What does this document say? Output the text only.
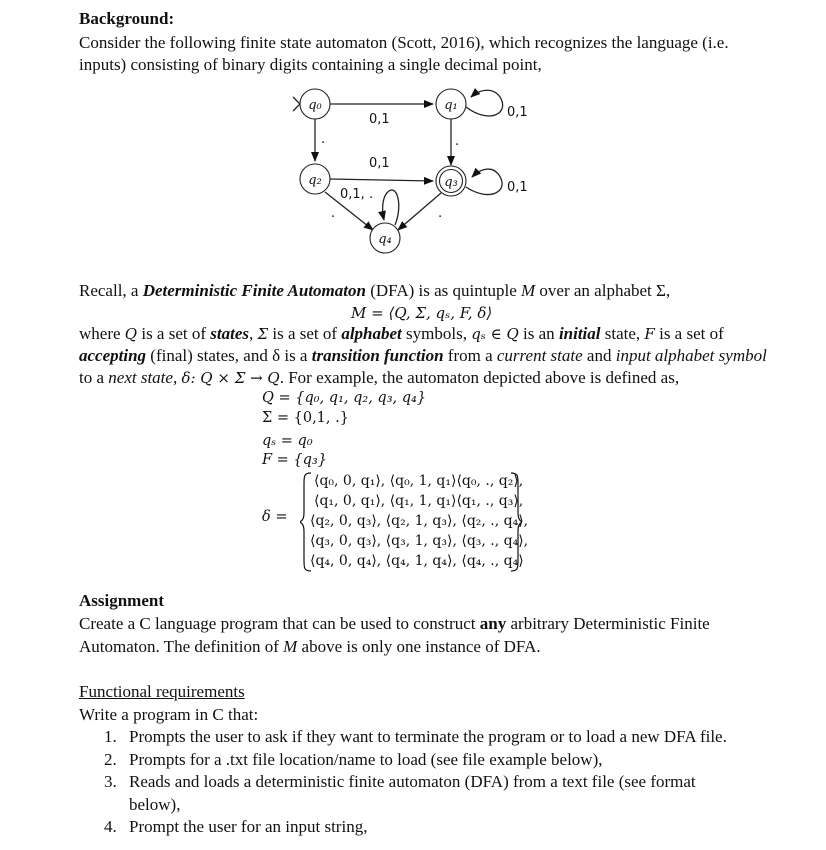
Background:
Consider the following finite state automaton (Scott, 2016), which recognizes the language (i.e.
inputs) consisting of binary digits containing a single decimal point,
q₀	q₁
q₂	q₃
q₄
0,1	0,1
.	.
0,1
0,1
0,1, .
.	.
Recall, a Deterministic Finite Automaton (DFA) is as quintuple M over an alphabet Σ,
M = ⟨Q, Σ, qₛ, F, δ⟩
where Q is a set of states, Σ is a set of alphabet symbols, qₛ ∈ Q is an initial state, F is a set of
accepting (final) states, and δ is a transition function from a current state and input alphabet symbol
to a next state, δ: Q × Σ → Q. For example, the automaton depicted above is defined as,
Q = {q₀, q₁, q₂, q₃, q₄}
Σ = {0,1, .}
qₛ = q₀
F = {q₃}
δ =
⟨q₀, 0, q₁⟩, ⟨q₀, 1, q₁⟩⟨q₀, ., q₂⟩,
⟨q₁, 0, q₁⟩, ⟨q₁, 1, q₁⟩⟨q₁, ., q₃⟩,
⟨q₂, 0, q₃⟩, ⟨q₂, 1, q₃⟩, ⟨q₂, ., q₄⟩,
⟨q₃, 0, q₃⟩, ⟨q₃, 1, q₃⟩, ⟨q₃, ., q₄⟩,
⟨q₄, 0, q₄⟩, ⟨q₄, 1, q₄⟩, ⟨q₄, ., q₄⟩
Assignment
Create a C language program that can be used to construct any arbitrary Deterministic Finite
Automaton. The definition of M above is only one instance of DFA.
Functional requirements
Write a program in C that:
1. Prompts the user to ask if they want to terminate the program or to load a new DFA file.
2. Prompts for a .txt file location/name to load (see file example below),
3. Reads and loads a deterministic finite automaton (DFA) from a text file (see format
below),
4. Prompt the user for an input string,
